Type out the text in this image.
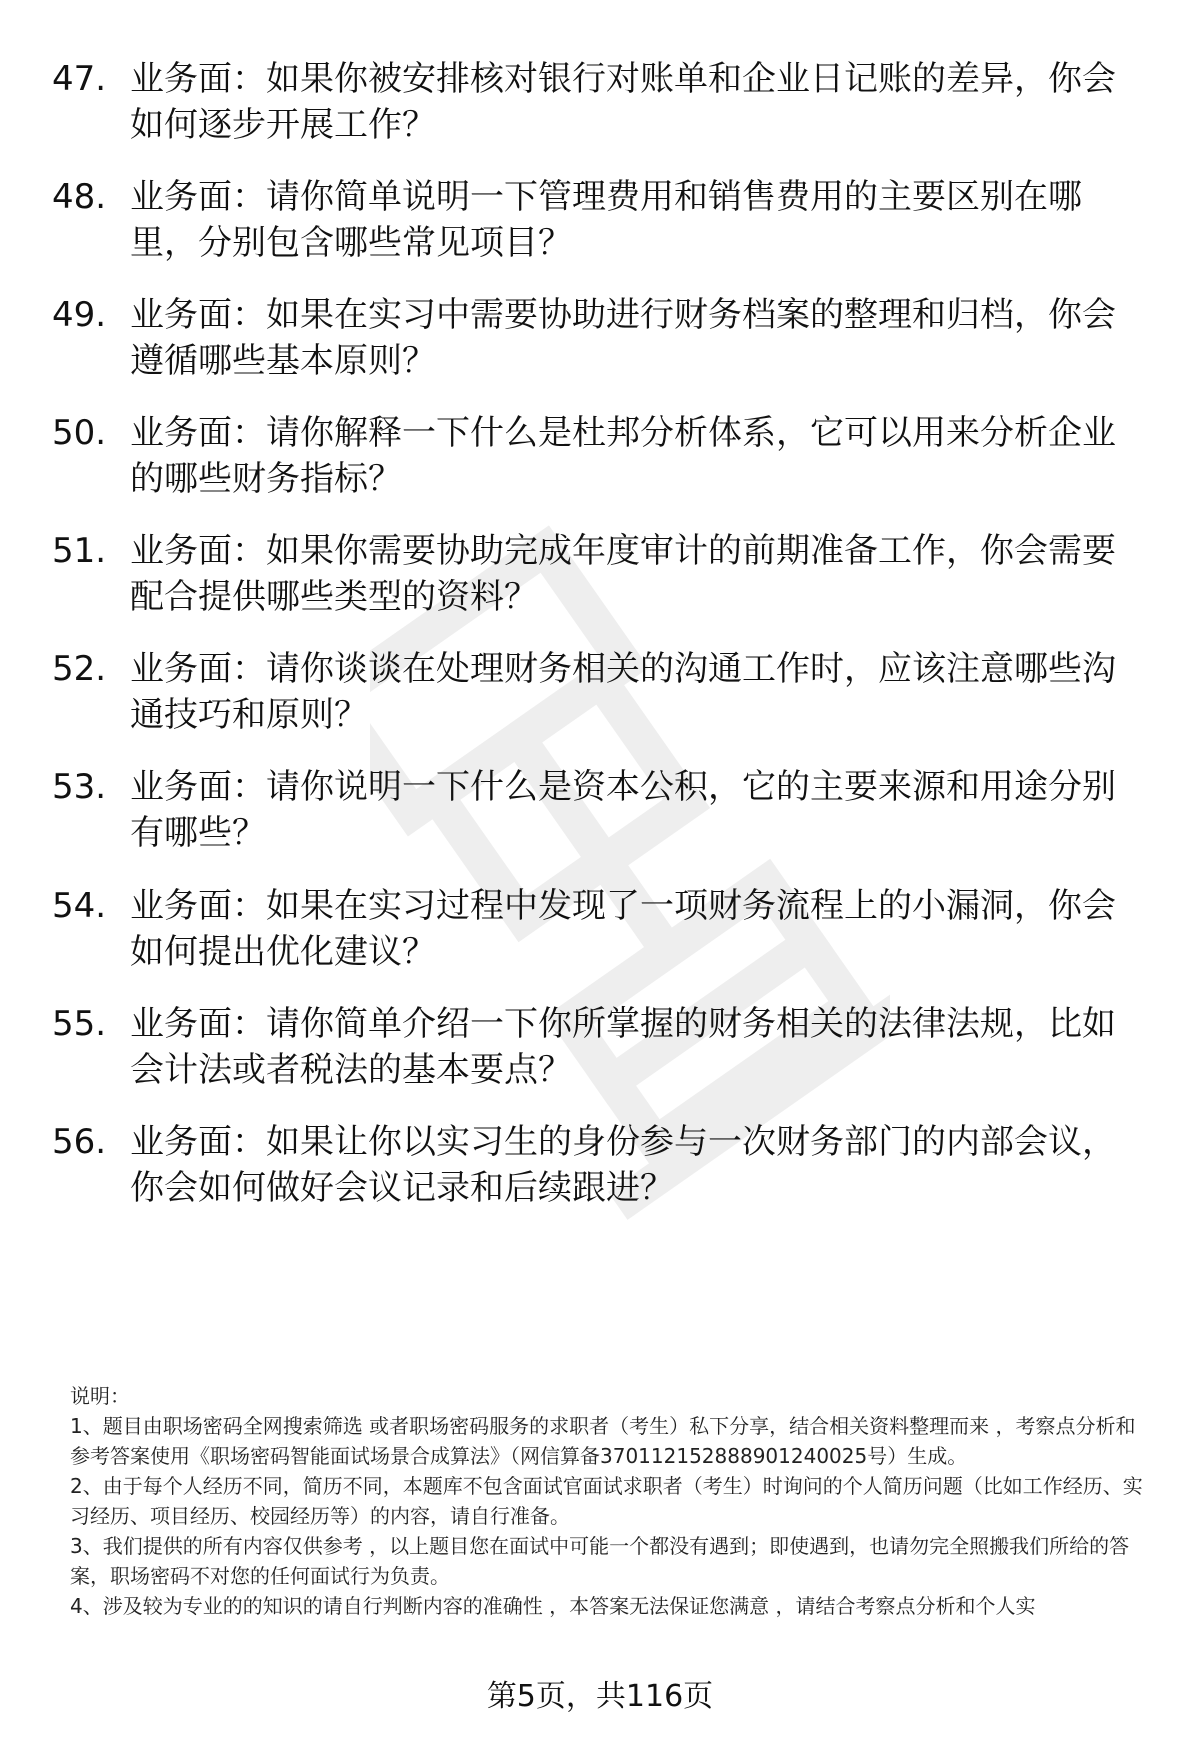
47. 业务面：如果你被安排核对银行对账单和企业日记账的差异，你会如何逐步开展工作？
48. 业务面：请你简单说明一下管理费用和销售费用的主要区别在哪里，分别包含哪些常见项目？
49. 业务面：如果在实习中需要协助进行财务档案的整理和归档，你会遵循哪些基本原则？
50. 业务面：请你解释一下什么是杜邦分析体系，它可以用来分析企业的哪些财务指标？
51. 业务面：如果你需要协助完成年度审计的前期准备工作，你会需要配合提供哪些类型的资料？
52. 业务面：请你谈谈在处理财务相关的沟通工作时，应该注意哪些沟通技巧和原则？
53. 业务面：请你说明一下什么是资本公积，它的主要来源和用途分别有哪些？
54. 业务面：如果在实习过程中发现了一项财务流程上的小漏洞，你会如何提出优化建议？
55. 业务面：请你简单介绍一下你所掌握的财务相关的法律法规，比如会计法或者税法的基本要点？
56. 业务面：如果让你以实习生的身份参与一次财务部门的内部会议，你会如何做好会议记录和后续跟进？

说明：

1、题目由职场密码全网搜索筛选 或者职场密码服务的求职者（考生）私下分享，结合相关资料整理而来 ，考察点分析和参考答案使用《职场密码智能面试场景合成算法》（网信算备370112152888901240025号）生成。

2、由于每个人经历不同，简历不同，本题库不包含面试官面试求职者（考生）时询问的个人简历问题（比如工作经历、实习经历、项目经历、校园经历等）的内容，请自行准备。

3、我们提供的所有内容仅供参考 ，以上题目您在面试中可能一个都没有遇到；即使遇到，也请勿完全照搬我们所给的答案，职场密码不对您的任何面试行为负责。

4、涉及较为专业的的知识的请自行判断内容的准确性 ，本答案无法保证您满意 ，请结合考察点分析和个人实

第5页，共116页
